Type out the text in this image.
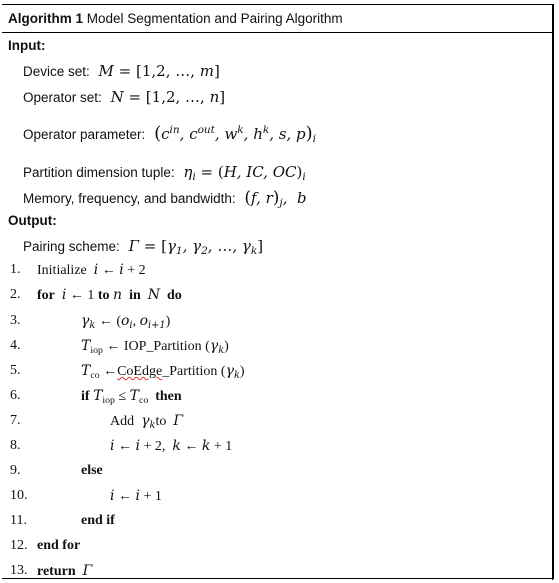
Algorithm 1 Model Segmentation and Pairing Algorithm
Input:
Device set:  M = [1,2, …, m]
Operator set:  N = [1,2, …, n]
Operator parameter: ($c^{in}$, $c^{out}$, $w^k$, $h^k$, s, $p)_i$
Partition dimension tuple:  $\eta_i = (H$, IC, $OC)_i$
Memory, frequency, and bandwidth: (f, $r)_j$,  b
Output:
Pairing scheme:  $\Gamma = [\gamma_1$, $\gamma_2$, …, $\gamma_k$]
1. Initialize  i ← i + 2
2. for i ← 1 to n in N do
3.	$\gamma_k$ ← ($o_i$, $o_{i+1}$)
4.	$T_{iop}$ ← IOP_Partition $(\gamma_k)$
5.	$T_{co}$ ←CoEdge_Partition $(\gamma_k)$
6.	if $T_{iop} \le T_{co}$ then
7.	Add  $\gamma_kto$  Γ
8.	i ← i + 2,  k ← k + 1
9.	else
10.	i ← i + 1
11.	end if
12. end for
13. return Γ
